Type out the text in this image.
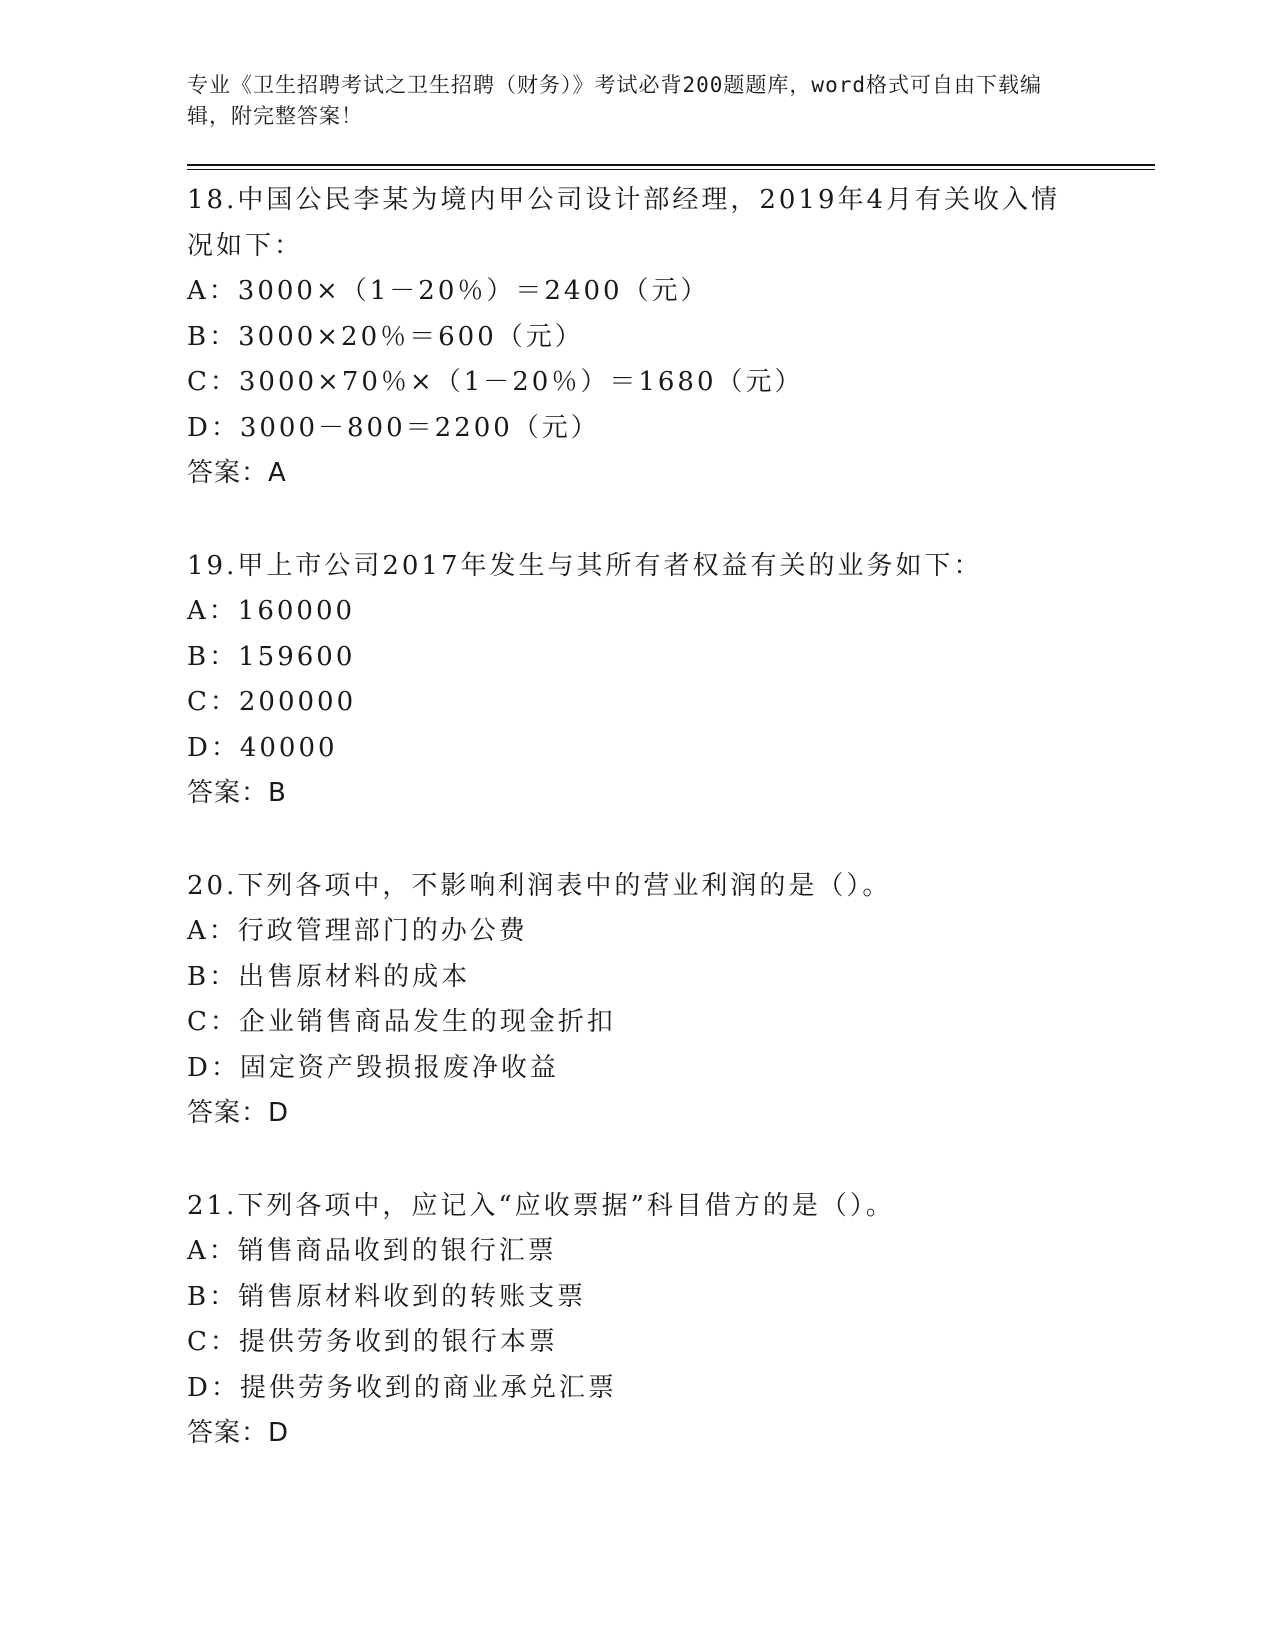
专业《卫生招聘考试之卫生招聘（财务）》考试必背200题题库，word格式可自由下载编辑，附完整答案！

18.中国公民李某为境内甲公司设计部经理，2019年4月有关收入情况如下：

A：3000×（1－20％）＝2400（元）

B：3000×20％＝600（元）

C：3000×70％×（1－20％）＝1680（元）

D：3000－800＝2200（元）

答案：A

19.甲上市公司2017年发生与其所有者权益有关的业务如下：

A：160000

B：159600

C：200000

D：40000

答案：B

20.下列各项中，不影响利润表中的营业利润的是（）。

A：行政管理部门的办公费

B：出售原材料的成本

C：企业销售商品发生的现金折扣

D：固定资产毁损报废净收益

答案：D

21.下列各项中，应记入“应收票据”科目借方的是（）。

A：销售商品收到的银行汇票

B：销售原材料收到的转账支票

C：提供劳务收到的银行本票

D：提供劳务收到的商业承兑汇票

答案：D
